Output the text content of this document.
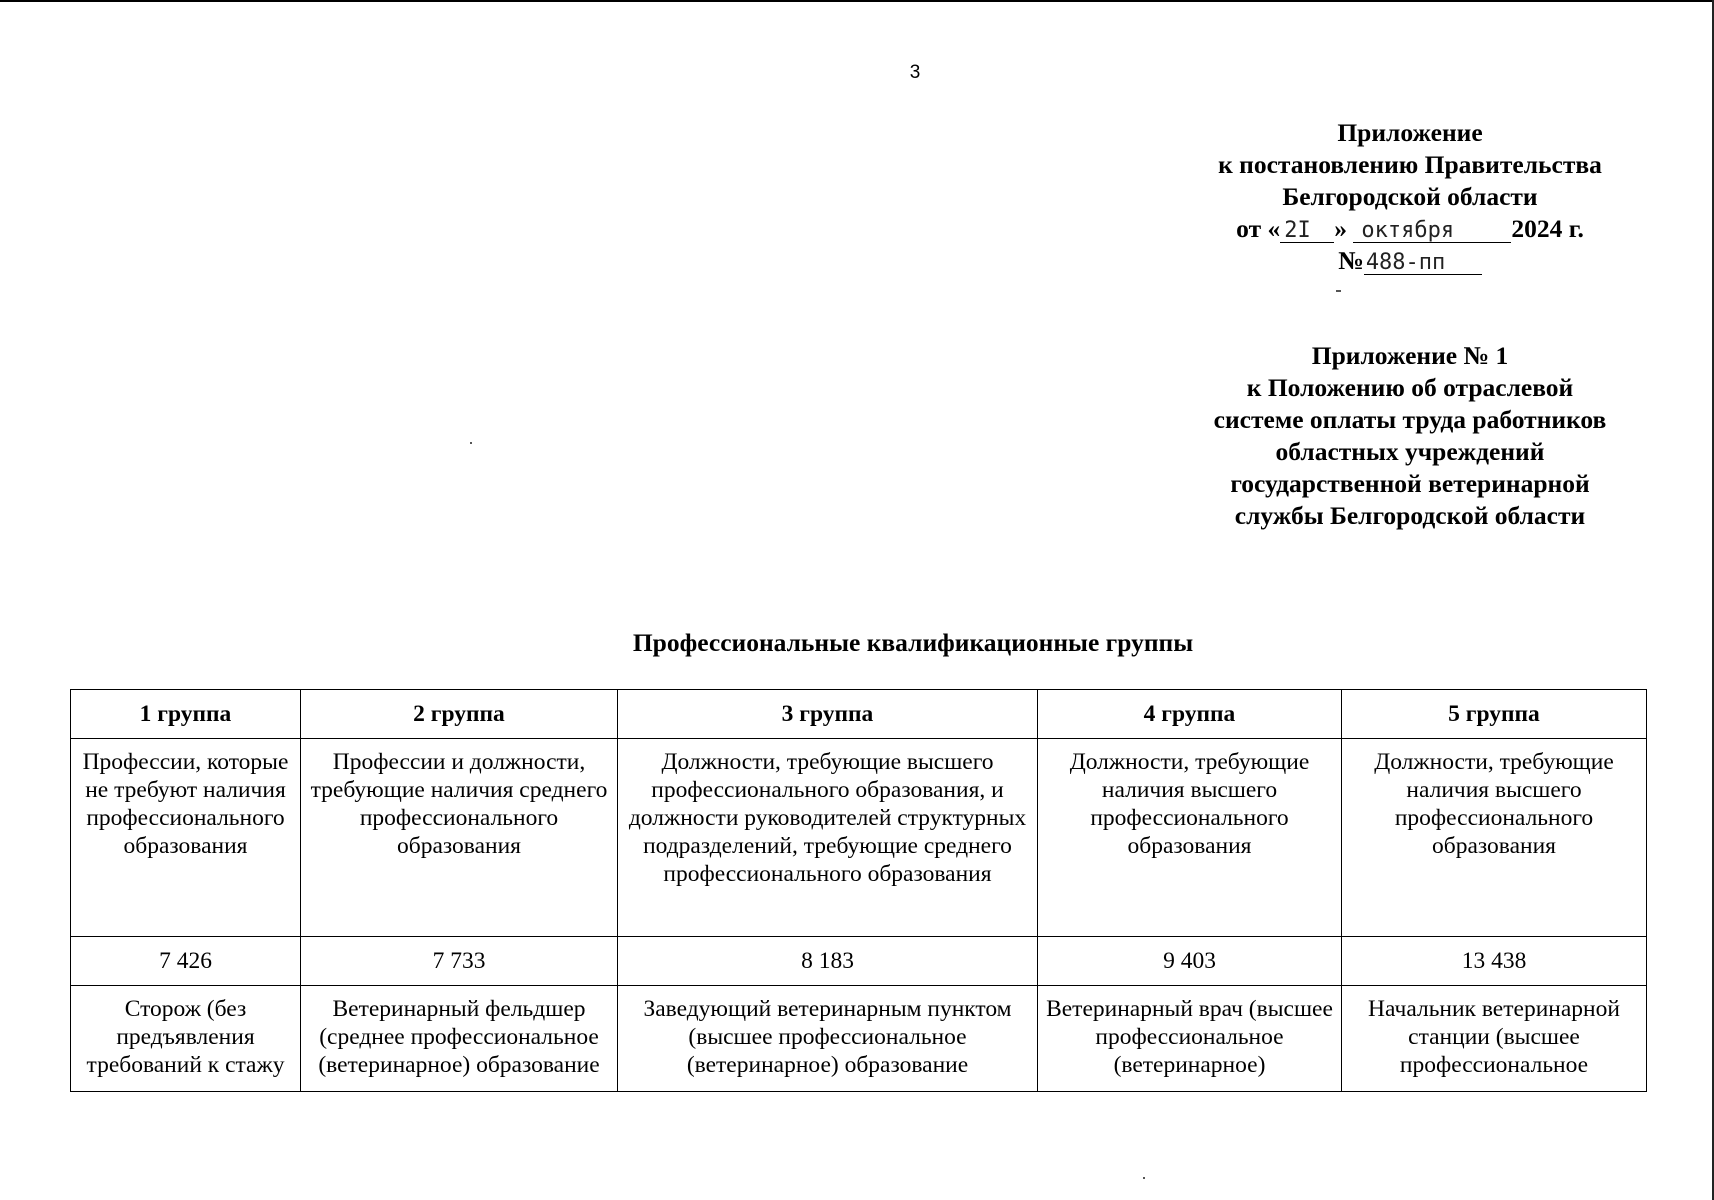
3
Приложение
к постановлению Правительства
Белгородской области
от « 2I » октября 2024 г.
№488-пп
Приложение № 1
к Положению об отраслевой
системе оплаты труда работников
областных учреждений
государственной ветеринарной
службы Белгородской области
Профессиональные квалификационные группы
1 группа	2 группа	3 группа	4 группа	5 группа
Профессии, которые не требуют наличия профессионального образования	Профессии и должности, требующие наличия среднего профессионального образования	Должности, требующие высшего профессионального образования, и должности руководителей структурных подразделений, требующие среднего профессионального образования	Должности, требующие наличия высшего профессионального образования	Должности, требующие наличия высшего профессионального образования
7 426	7 733	8 183	9 403	13 438
Сторож (без предъявления требований к стажу	Ветеринарный фельдшер (среднее профессиональное (ветеринарное) образование	Заведующий ветеринарным пунктом (высшее профессиональное (ветеринарное) образование	Ветеринарный врач (высшее профессиональное (ветеринарное)	Начальник ветеринарной станции (высшее профессиональное
